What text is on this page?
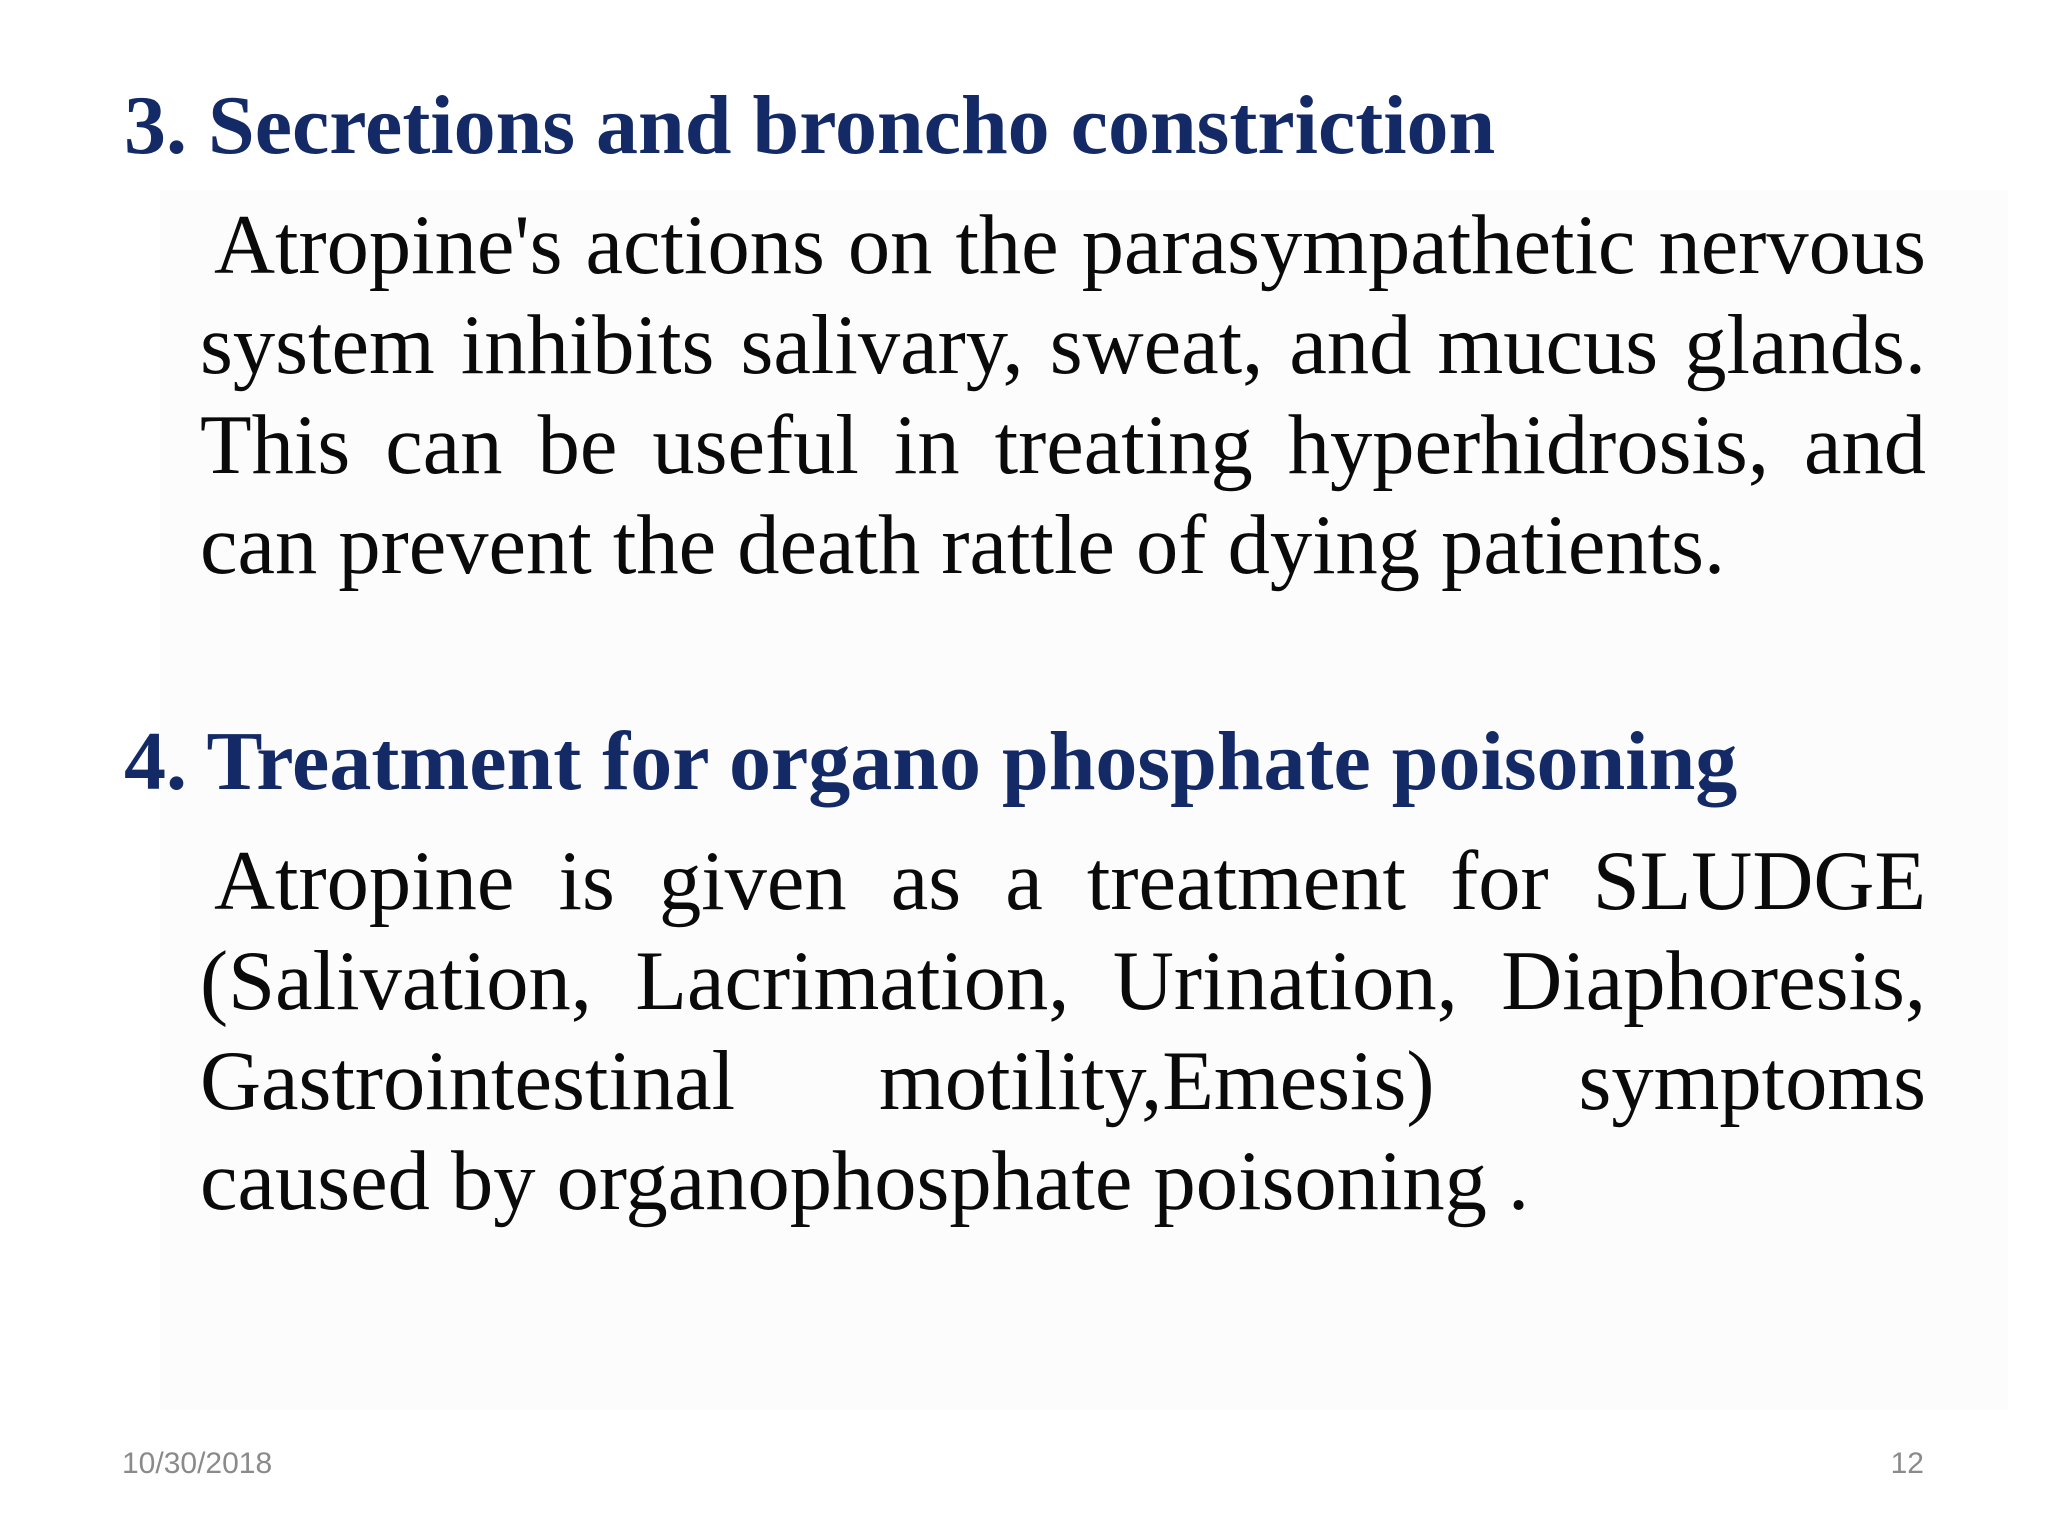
3. Secretions and broncho constriction

Atropine's actions on the parasympathetic nervous system inhibits salivary, sweat, and mucus glands. This can be useful in treating hyperhidrosis, and can prevent the death rattle of dying patients.

4. Treatment for organo phosphate poisoning

Atropine is given as a treatment for SLUDGE (Salivation, Lacrimation, Urination, Diaphoresis, Gastrointestinal motility,Emesis) symptoms caused by organophosphate poisoning .

10/30/2018	12
